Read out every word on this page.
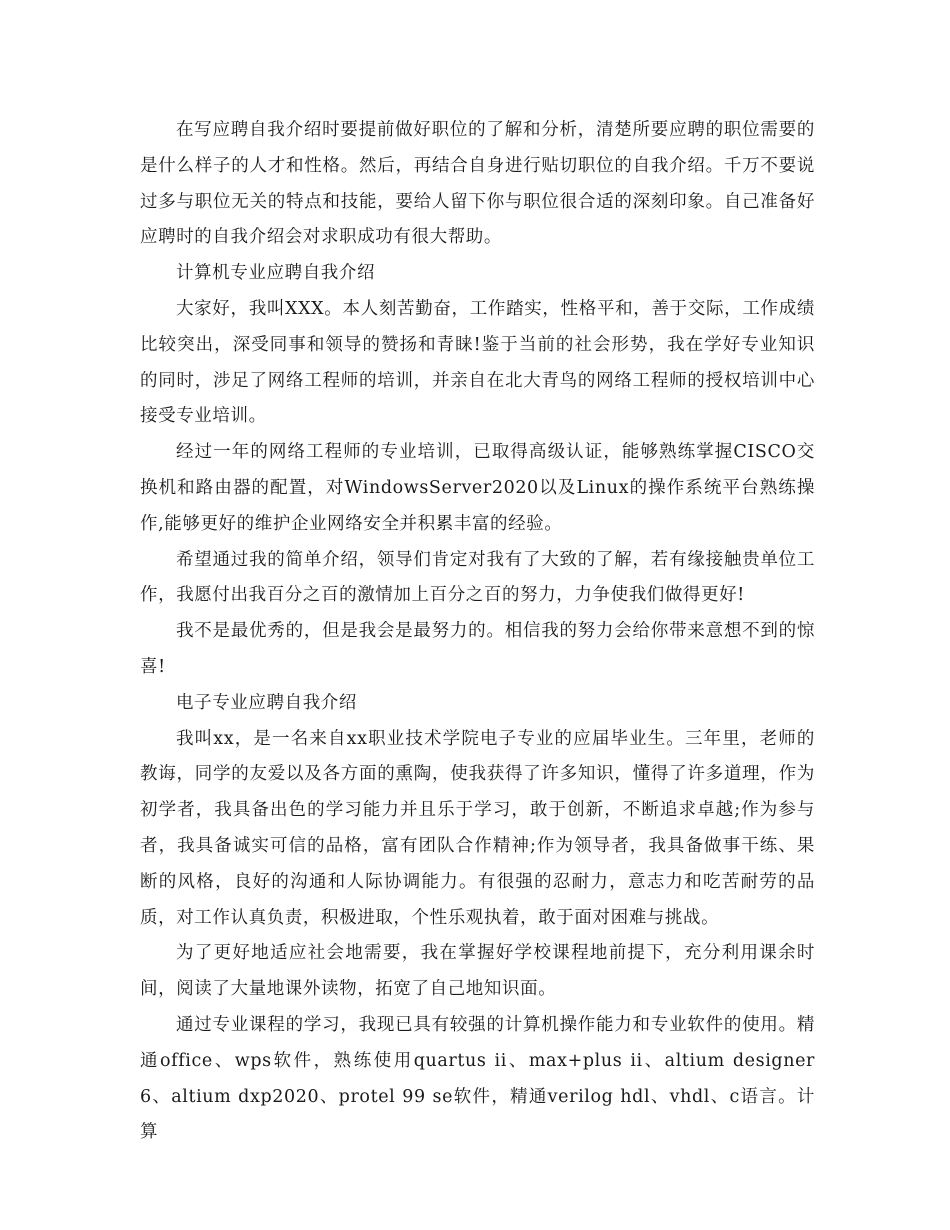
在写应聘自我介绍时要提前做好职位的了解和分析，清楚所要应聘的职位需要的是什么样子的人才和性格。然后，再结合自身进行贴切职位的自我介绍。千万不要说过多与职位无关的特点和技能，要给人留下你与职位很合适的深刻印象。自己准备好应聘时的自我介绍会对求职成功有很大帮助。

计算机专业应聘自我介绍

大家好，我叫XXX。本人刻苦勤奋，工作踏实，性格平和，善于交际，工作成绩比较突出，深受同事和领导的赞扬和青睐!鉴于当前的社会形势，我在学好专业知识的同时，涉足了网络工程师的培训，并亲自在北大青鸟的网络工程师的授权培训中心接受专业培训。

经过一年的网络工程师的专业培训，已取得高级认证，能够熟练掌握CISCO交换机和路由器的配置，对WindowsServer2020以及Linux的操作系统平台熟练操作,能够更好的维护企业网络安全并积累丰富的经验。

希望通过我的简单介绍，领导们肯定对我有了大致的了解，若有缘接触贵单位工作，我愿付出我百分之百的激情加上百分之百的努力，力争使我们做得更好!

我不是最优秀的，但是我会是最努力的。相信我的努力会给你带来意想不到的惊喜!

电子专业应聘自我介绍

我叫xx，是一名来自xx职业技术学院电子专业的应届毕业生。三年里，老师的教诲，同学的友爱以及各方面的熏陶，使我获得了许多知识，懂得了许多道理，作为初学者，我具备出色的学习能力并且乐于学习，敢于创新，不断追求卓越;作为参与者，我具备诚实可信的品格，富有团队合作精神;作为领导者，我具备做事干练、果断的风格，良好的沟通和人际协调能力。有很强的忍耐力，意志力和吃苦耐劳的品质，对工作认真负责，积极进取，个性乐观执着，敢于面对困难与挑战。

为了更好地适应社会地需要，我在掌握好学校课程地前提下，充分利用课余时间，阅读了大量地课外读物，拓宽了自己地知识面。

通过专业课程的学习，我现已具有较强的计算机操作能力和专业软件的使用。精通office、wps软件，熟练使用quartus ii、max+plus ii、altium designer 6、altium dxp2020、protel 99 se软件，精通verilog hdl、vhdl、c语言。计算
